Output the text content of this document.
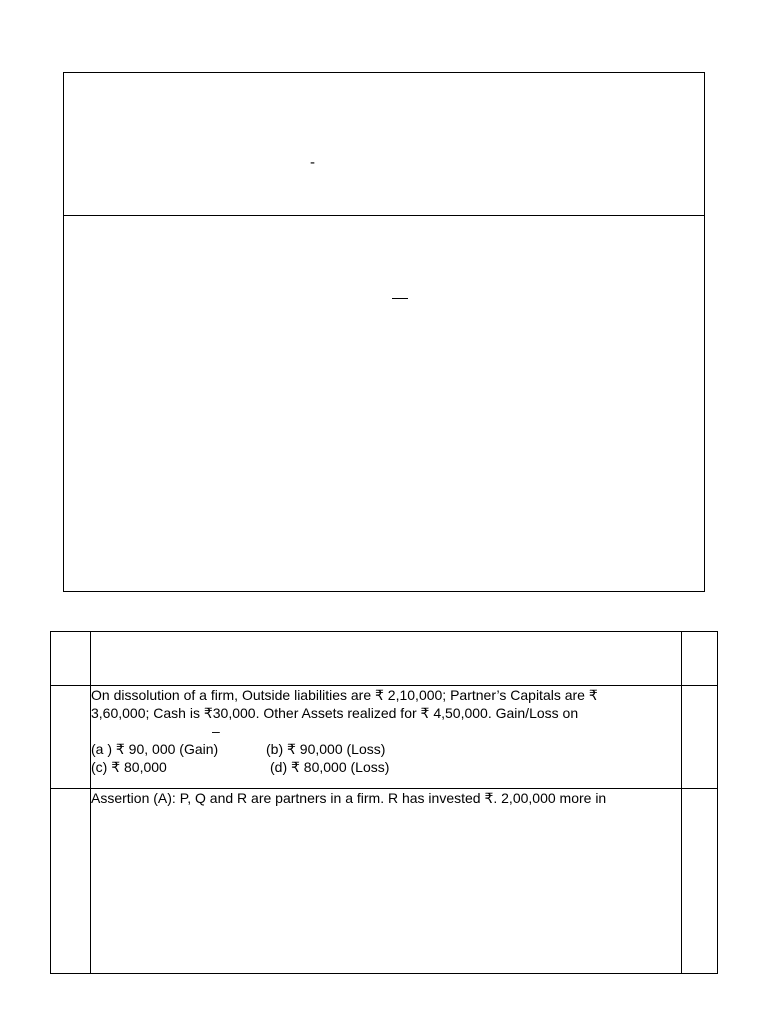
-

	On dissolution of a firm, Outside liabilities are ₹ 2,10,000; Partner’s Capitals are ₹
3,60,000; Cash is ₹30,000. Other Assets realized for ₹ 4,50,000. Gain/Loss on
–
(a ) ₹ 90, 000 (Gain) (b) ₹ 90,000 (Loss)
(c) ₹ 80,000 (d) ₹ 80,000 (Loss)	

	Assertion (A): P, Q and R are partners in a firm. R has invested ₹. 2,00,000 more in	
